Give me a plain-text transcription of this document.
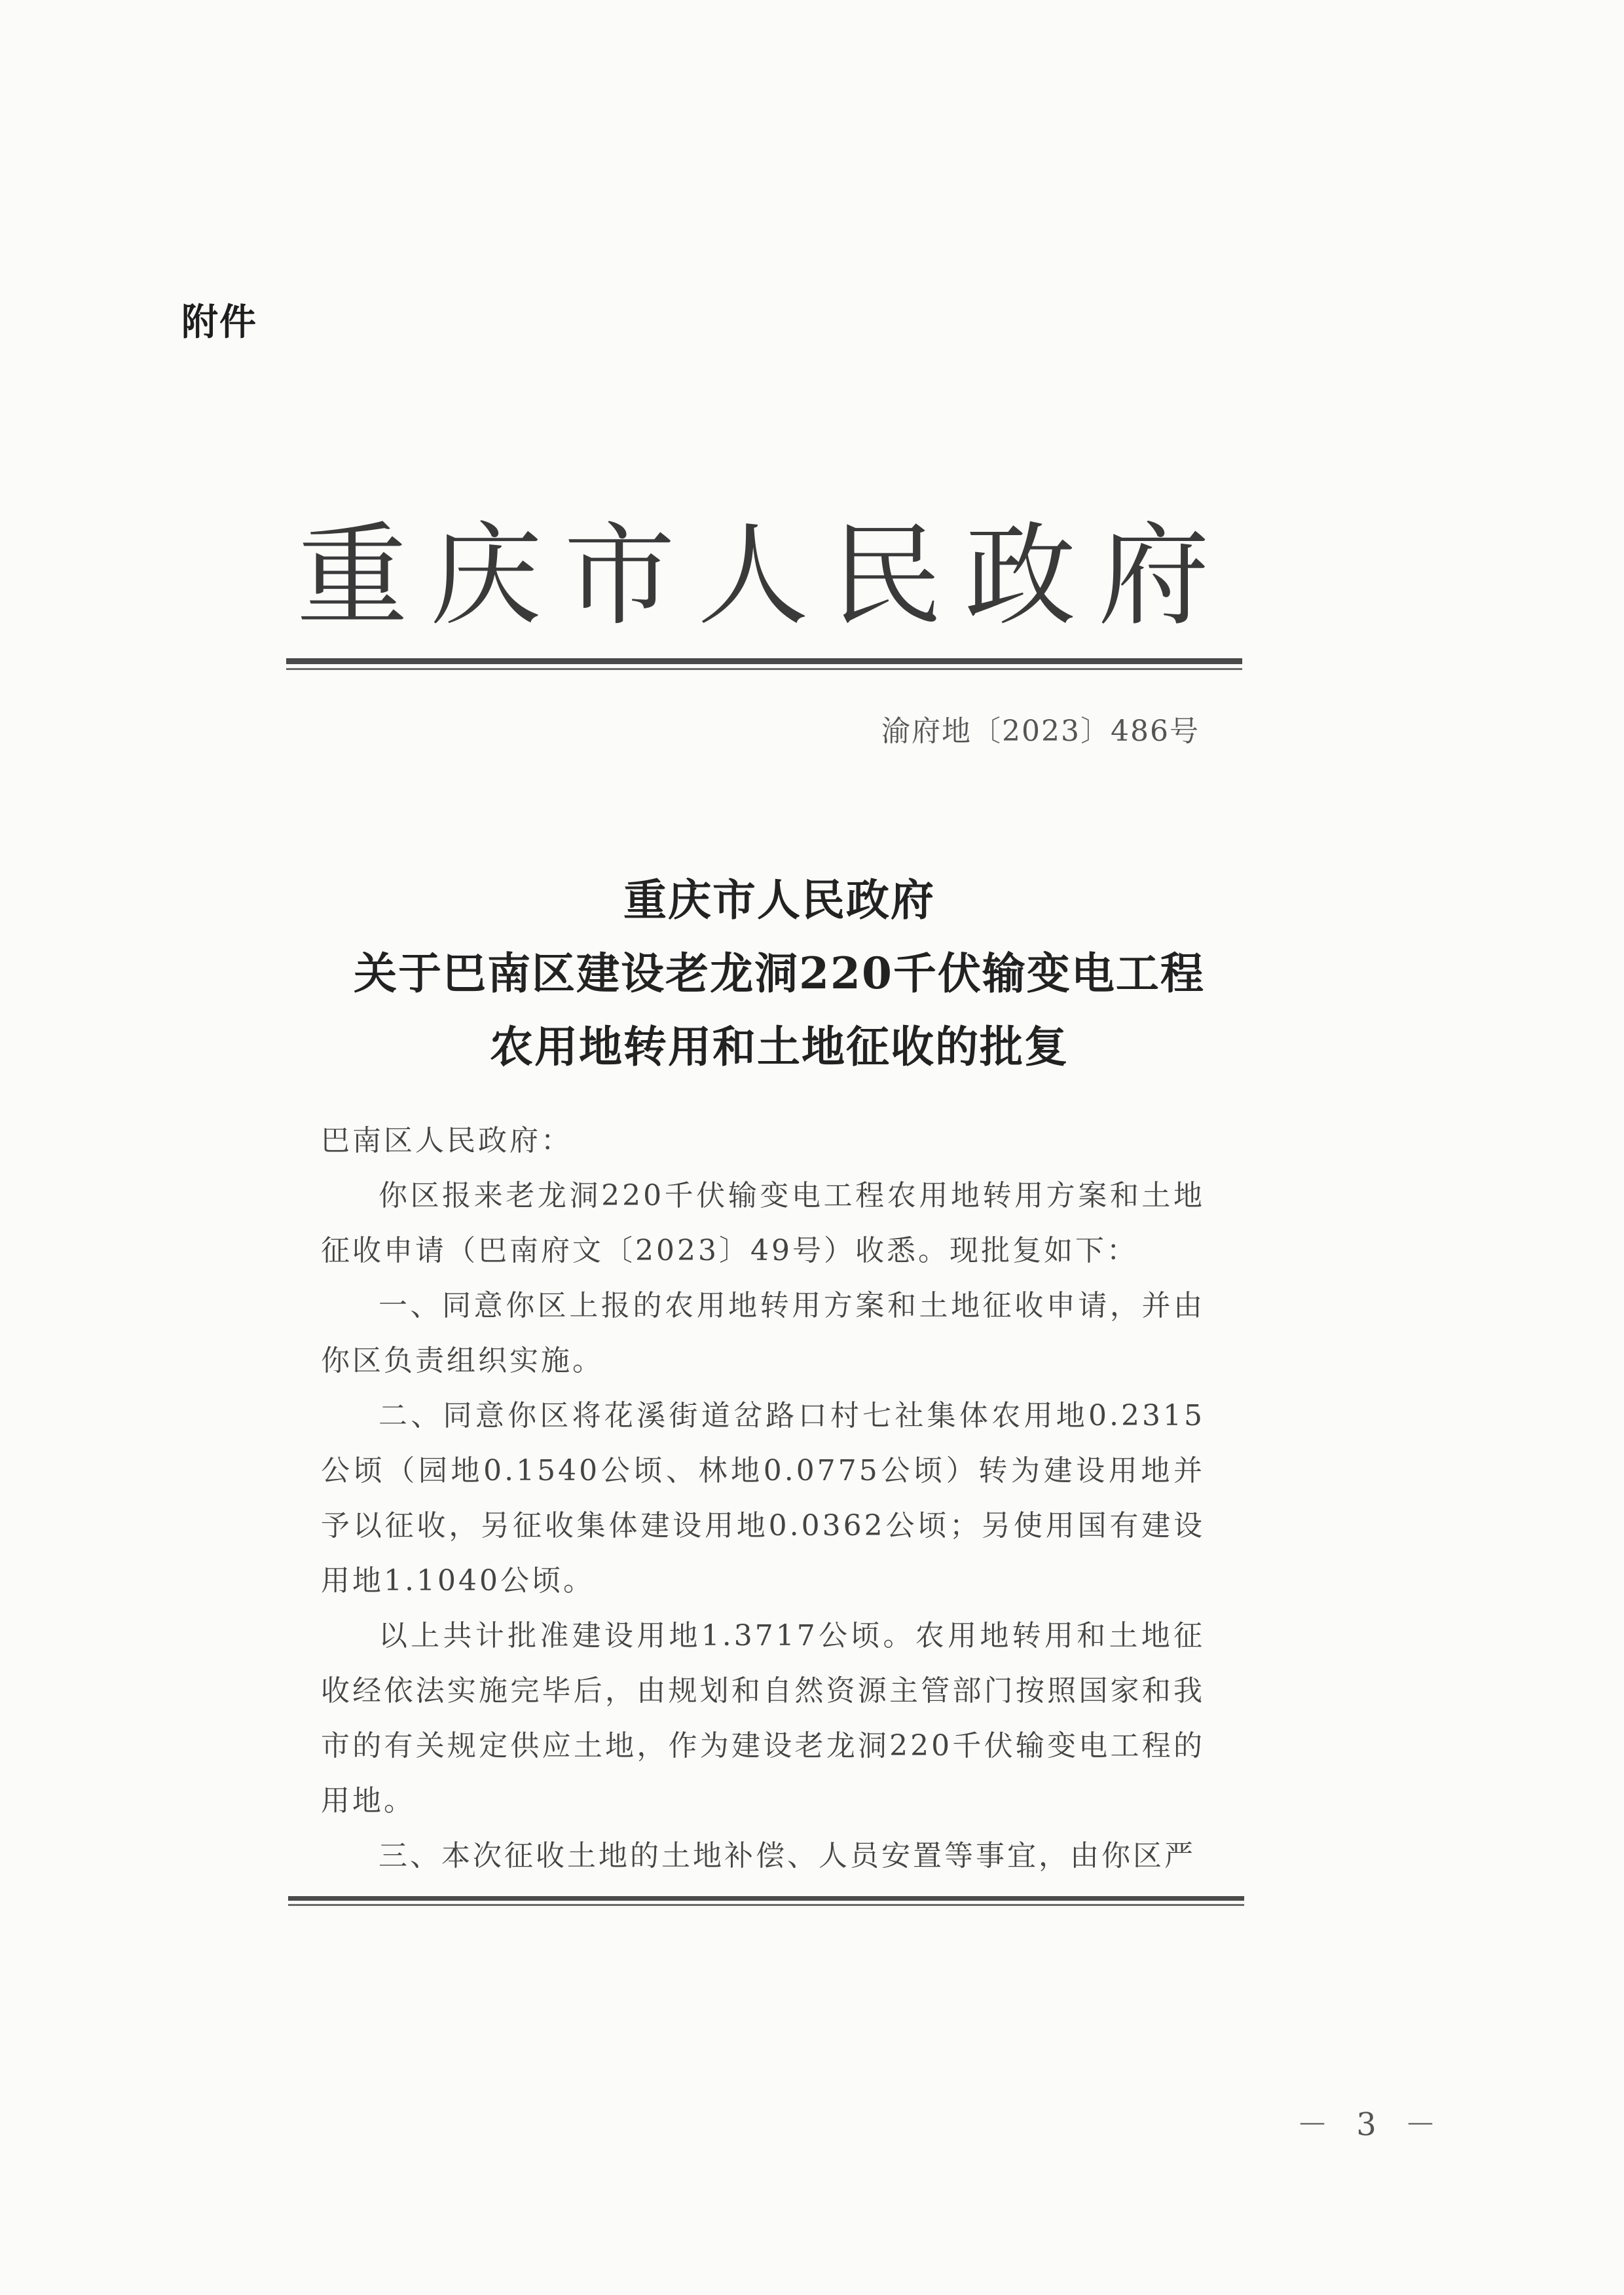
附件
重庆市人民政府
渝府地〔2023〕486号
重庆市人民政府
关于巴南区建设老龙洞220千伏输变电工程
农用地转用和土地征收的批复

巴南区人民政府：

你区报来老龙洞220千伏输变电工程农用地转用方案和土地征收申请（巴南府文〔2023〕49号）收悉。现批复如下：

一、同意你区上报的农用地转用方案和土地征收申请，并由你区负责组织实施。

二、同意你区将花溪街道岔路口村七社集体农用地0.2315公顷（园地0.1540公顷、林地0.0775公顷）转为建设用地并予以征收，另征收集体建设用地0.0362公顷；另使用国有建设用地1.1040公顷。

以上共计批准建设用地1.3717公顷。农用地转用和土地征收经依法实施完毕后，由规划和自然资源主管部门按照国家和我市的有关规定供应土地，作为建设老龙洞220千伏输变电工程的用地。

三、本次征收土地的土地补偿、人员安置等事宜，由你区严

－ 3 －
